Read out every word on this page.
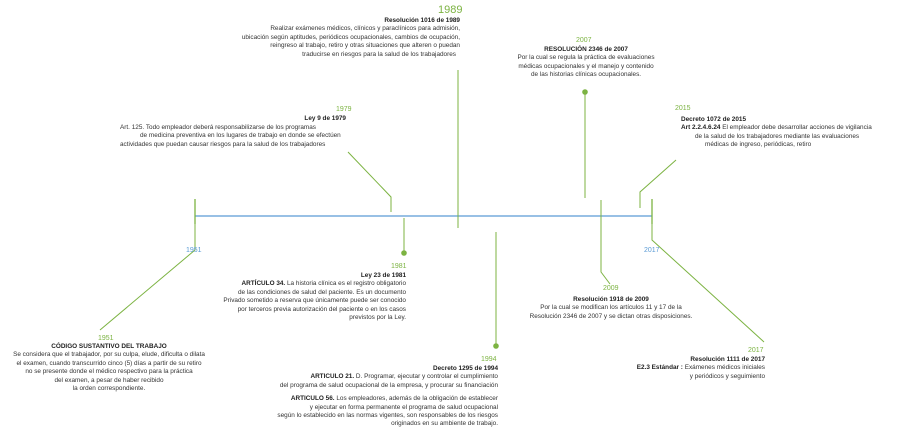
1951	2017
1951
CÓDIGO SUSTANTIVO DEL TRABAJO
Se considera que el trabajador, por su culpa, elude, dificulta o dilata
el examen, cuando transcurrido cinco (5) días a partir de su retiro
no se presente donde el médico respectivo para la práctica
del examen, a pesar de haber recibido
la orden correspondiente.
1979
Ley 9 de 1979
Art. 125. Todo empleador deberá responsabilizarse de los programas
de medicina preventiva en los lugares de trabajo en donde se efectúen
actividades que puedan causar riesgos para la salud de los trabajadores
1981
Ley 23 de 1981
ARTÍCULO 34. La historia clínica es el registro obligatorio
de las condiciones de salud del paciente. Es un documento
Privado sometido a reserva que únicamente puede ser conocido
por terceros previa autorización del paciente o en los casos
previstos por la Ley.
1989
Resolución 1016 de 1989
Realizar exámenes médicos, clínicos y paraclínicos para admisión,
ubicación según aptitudes, periódicos ocupacionales, cambios de ocupación,
reingreso al trabajo, retiro y otras situaciones que alteren o puedan
traducirse en riesgos para la salud de los trabajadores
1994
Decreto 1295 de 1994
ARTICULO 21. D. Programar, ejecutar y controlar el cumplimiento
del programa de salud ocupacional de la empresa, y procurar su financiación
ARTICULO 56. Los empleadores, además de la obligación de establecer
y ejecutar en forma permanente el programa de salud ocupacional
según lo establecido en las normas vigentes, son responsables de los riesgos
originados en su ambiente de trabajo.
2007
RESOLUCIÓN 2346 de 2007
Por la cual se regula la práctica de evaluaciones
médicas ocupacionales y el manejo y contenido
de las historias clínicas ocupacionales.
2009
Resolución 1918 de 2009
Por la cual se modifican los artículos 11 y 17 de la
Resolución 2346 de 2007 y se dictan otras disposiciones.
2015
Decreto 1072 de 2015
Art 2.2.4.6.24 El empleador debe desarrollar acciones de vigilancia
de la salud de los trabajadores mediante las evaluaciones
médicas de ingreso, periódicas, retiro
2017
Resolución 1111 de 2017
E2.3 Estándar : Exámenes médicos iniciales
y periódicos y seguimiento
